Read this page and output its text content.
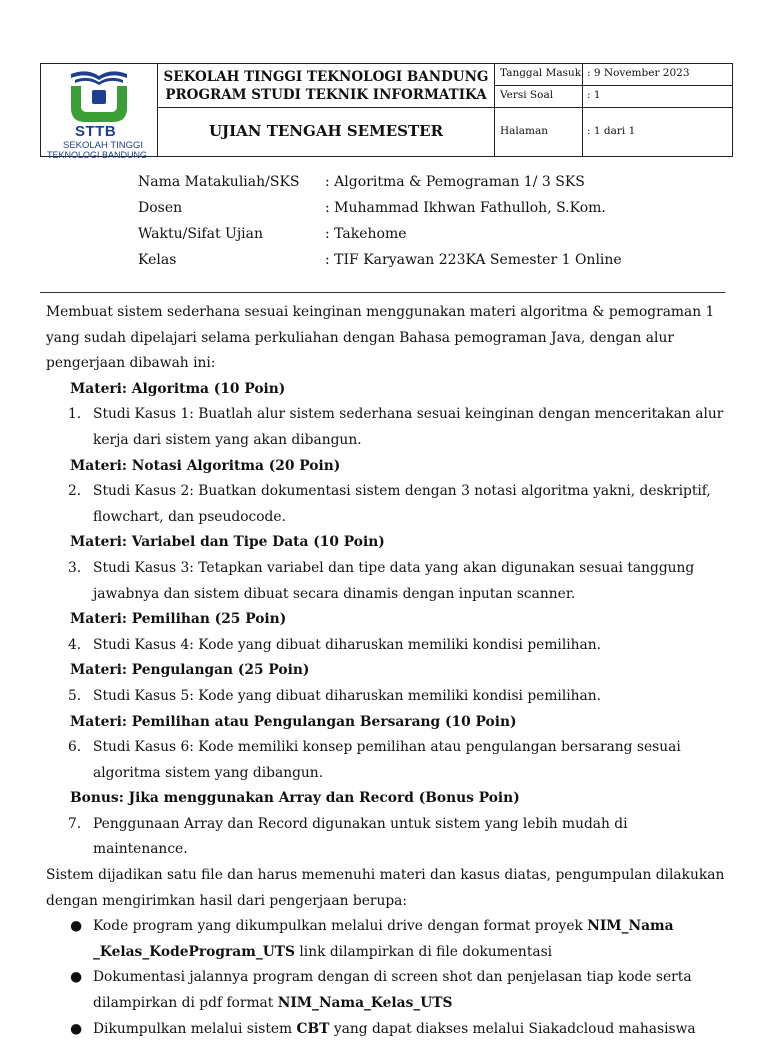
STTB
SEKOLAH TINGGI
TEKNOLOGI BANDUNG
SEKOLAH TINGGI TEKNOLOGI BANDUNG
PROGRAM STUDI TEKNIK INFORMATIKA
UJIAN TENGAH SEMESTER
Tanggal Masuk : 9 November 2023
Versi Soal	: 1
Halaman	: 1 dari 1
Nama Matakuliah/SKS	: Algoritma & Pemograman 1/ 3 SKS
Dosen	: Muhammad Ikhwan Fathulloh, S.Kom.
Waktu/Sifat Ujian	: Takehome
Kelas	: TIF Karyawan 223KA Semester 1 Online

Membuat sistem sederhana sesuai keinginan menggunakan materi algoritma & pemograman 1 yang sudah dipelajari selama perkuliahan dengan Bahasa pemograman Java, dengan alur pengerjaan dibawah ini:

Materi: Algoritma (10 Poin)

1. Studi Kasus 1: Buatlah alur sistem sederhana sesuai keinginan dengan menceritakan alur kerja dari sistem yang akan dibangun.

Materi: Notasi Algoritma (20 Poin)

2. Studi Kasus 2: Buatkan dokumentasi sistem dengan 3 notasi algoritma yakni, deskriptif, flowchart, dan pseudocode.

Materi: Variabel dan Tipe Data (10 Poin)

3. Studi Kasus 3: Tetapkan variabel dan tipe data yang akan digunakan sesuai tanggung jawabnya dan sistem dibuat secara dinamis dengan inputan scanner.

Materi: Pemilihan (25 Poin)

4. Studi Kasus 4: Kode yang dibuat diharuskan memiliki kondisi pemilihan.

Materi: Pengulangan (25 Poin)

5. Studi Kasus 5: Kode yang dibuat diharuskan memiliki kondisi pemilihan.

Materi: Pemilihan atau Pengulangan Bersarang (10 Poin)

6. Studi Kasus 6: Kode memiliki konsep pemilihan atau pengulangan bersarang sesuai algoritma sistem yang dibangun.

Bonus: Jika menggunakan Array dan Record (Bonus Poin)

7. Penggunaan Array dan Record digunakan untuk sistem yang lebih mudah di maintenance.

Sistem dijadikan satu file dan harus memenuhi materi dan kasus diatas, pengumpulan dilakukan dengan mengirimkan hasil dari pengerjaan berupa:

● Kode program yang dikumpulkan melalui drive dengan format proyek NIM_Nama _Kelas_KodeProgram_UTS link dilampirkan di file dokumentasi

● Dokumentasi jalannya program dengan di screen shot dan penjelasan tiap kode serta dilampirkan di pdf format NIM_Nama_Kelas_UTS

● Dikumpulkan melalui sistem CBT yang dapat diakses melalui Siakadcloud mahasiswa
